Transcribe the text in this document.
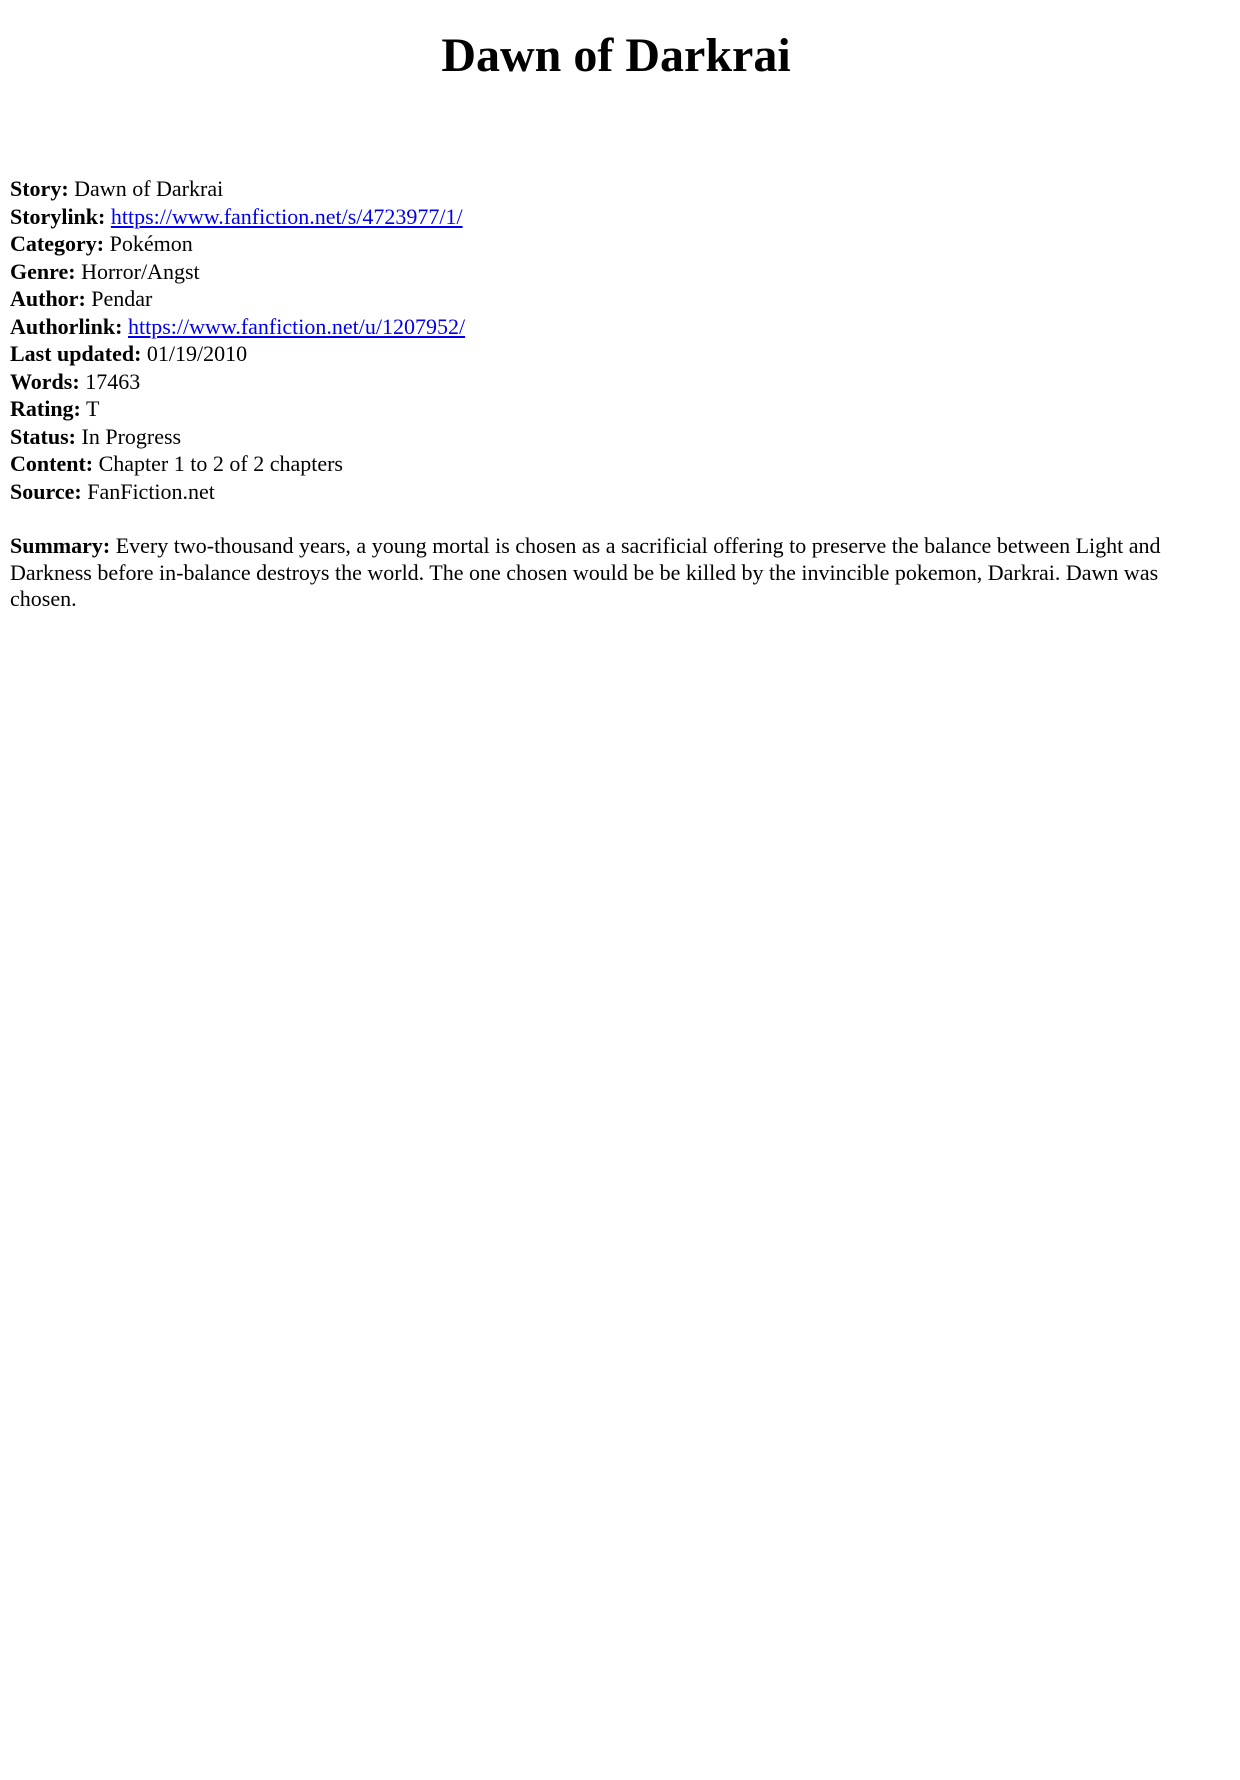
Dawn of Darkrai
Story: Dawn of Darkrai
Storylink: https://www.fanfiction.net/s/4723977/1/
Category: Pokémon
Genre: Horror/Angst
Author: Pendar
Authorlink: https://www.fanfiction.net/u/1207952/
Last updated: 01/19/2010
Words: 17463
Rating: T
Status: In Progress
Content: Chapter 1 to 2 of 2 chapters
Source: FanFiction.net

Summary: Every two-thousand years, a young mortal is chosen as a sacrificial offering to preserve the balance between Light and Darkness before in-balance destroys the world. The one chosen would be be killed by the invincible pokemon, Darkrai. Dawn was chosen.
